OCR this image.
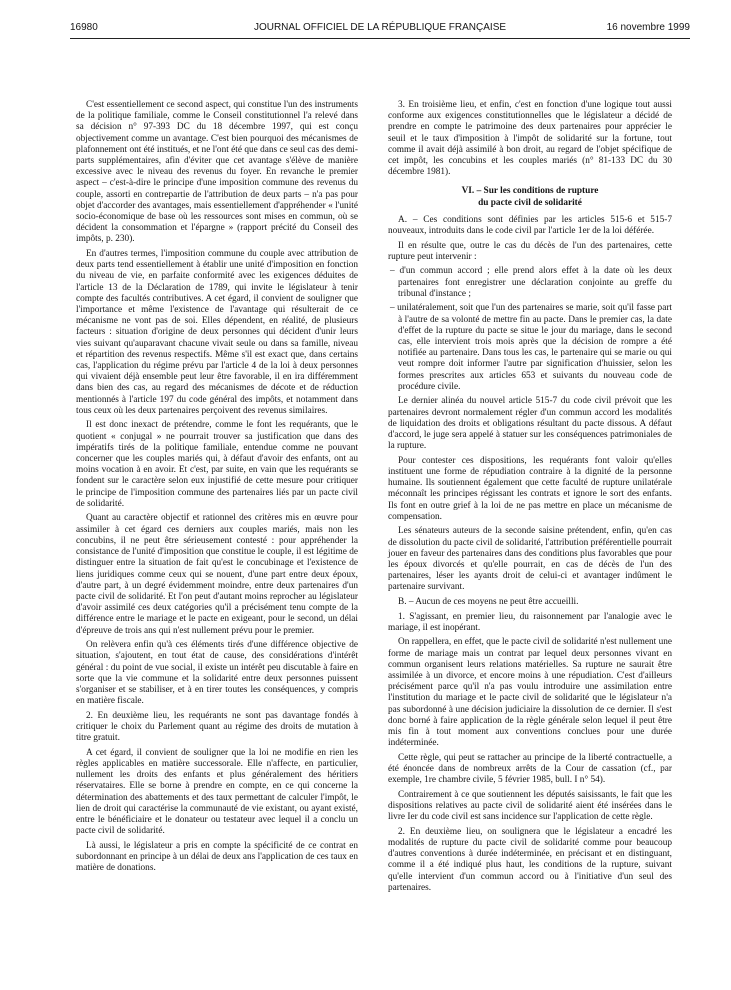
16980	JOURNAL OFFICIEL DE LA RÉPUBLIQUE FRANÇAISE	16 novembre 1999

C'est essentiellement ce second aspect, qui constitue l'un des instruments de la politique familiale, comme le Conseil constitutionnel l'a relevé dans sa décision n° 97-393 DC du 18 décembre 1997, qui est conçu objectivement comme un avantage. C'est bien pourquoi des mécanismes de plafonnement ont été institués, et ne l'ont été que dans ce seul cas des demi-parts supplémentaires, afin d'éviter que cet avantage s'élève de manière excessive avec le niveau des revenus du foyer. En revanche le premier aspect – c'est-à-dire le principe d'une imposition commune des revenus du couple, assorti en contrepartie de l'attribution de deux parts – n'a pas pour objet d'accorder des avantages, mais essentiellement d'appréhender « l'unité socio-économique de base où les ressources sont mises en commun, où se décident la consommation et l'épargne » (rapport précité du Conseil des impôts, p. 230).

En d'autres termes, l'imposition commune du couple avec attribution de deux parts tend essentiellement à établir une unité d'imposition en fonction du niveau de vie, en parfaite conformité avec les exigences déduites de l'article 13 de la Déclaration de 1789, qui invite le législateur à tenir compte des facultés contributives. A cet égard, il convient de souligner que l'importance et même l'existence de l'avantage qui résulterait de ce mécanisme ne vont pas de soi. Elles dépendent, en réalité, de plusieurs facteurs : situation d'origine de deux personnes qui décident d'unir leurs vies suivant qu'auparavant chacune vivait seule ou dans sa famille, niveau et répartition des revenus respectifs. Même s'il est exact que, dans certains cas, l'application du régime prévu par l'article 4 de la loi à deux personnes qui vivaient déjà ensemble peut leur être favorable, il en ira différemment dans bien des cas, au regard des mécanismes de décote et de réduction mentionnés à l'article 197 du code général des impôts, et notamment dans tous ceux où les deux partenaires perçoivent des revenus similaires.

Il est donc inexact de prétendre, comme le font les requérants, que le quotient « conjugal » ne pourrait trouver sa justification que dans des impératifs tirés de la politique familiale, entendue comme ne pouvant concerner que les couples mariés qui, à défaut d'avoir des enfants, ont au moins vocation à en avoir. Et c'est, par suite, en vain que les requérants se fondent sur le caractère selon eux injustifié de cette mesure pour critiquer le principe de l'imposition commune des partenaires liés par un pacte civil de solidarité.

Quant au caractère objectif et rationnel des critères mis en œuvre pour assimiler à cet égard ces derniers aux couples mariés, mais non les concubins, il ne peut être sérieusement contesté : pour appréhender la consistance de l'unité d'imposition que constitue le couple, il est légitime de distinguer entre la situation de fait qu'est le concubinage et l'existence de liens juridiques comme ceux qui se nouent, d'une part entre deux époux, d'autre part, à un degré évidemment moindre, entre deux partenaires d'un pacte civil de solidarité. Et l'on peut d'autant moins reprocher au législateur d'avoir assimilé ces deux catégories qu'il a précisément tenu compte de la différence entre le mariage et le pacte en exigeant, pour le second, un délai d'épreuve de trois ans qui n'est nullement prévu pour le premier.

On relèvera enfin qu'à ces éléments tirés d'une différence objective de situation, s'ajoutent, en tout état de cause, des considérations d'intérêt général : du point de vue social, il existe un intérêt peu discutable à faire en sorte que la vie commune et la solidarité entre deux personnes puissent s'organiser et se stabiliser, et à en tirer toutes les conséquences, y compris en matière fiscale.

2. En deuxième lieu, les requérants ne sont pas davantage fondés à critiquer le choix du Parlement quant au régime des droits de mutation à titre gratuit.

A cet égard, il convient de souligner que la loi ne modifie en rien les règles applicables en matière successorale. Elle n'affecte, en particulier, nullement les droits des enfants et plus généralement des héritiers réservataires. Elle se borne à prendre en compte, en ce qui concerne la détermination des abattements et des taux permettant de calculer l'impôt, le lien de droit qui caractérise la communauté de vie existant, ou ayant existé, entre le bénéficiaire et le donateur ou testateur avec lequel il a conclu un pacte civil de solidarité.

Là aussi, le législateur a pris en compte la spécificité de ce contrat en subordonnant en principe à un délai de deux ans l'application de ces taux en matière de donations.

3. En troisième lieu, et enfin, c'est en fonction d'une logique tout aussi conforme aux exigences constitutionnelles que le législateur a décidé de prendre en compte le patrimoine des deux partenaires pour apprécier le seuil et le taux d'imposition à l'impôt de solidarité sur la fortune, tout comme il avait déjà assimilé à bon droit, au regard de l'objet spécifique de cet impôt, les concubins et les couples mariés (n° 81-133 DC du 30 décembre 1981).

VI. – Sur les conditions de rupture
du pacte civil de solidarité

A. – Ces conditions sont définies par les articles 515-6 et 515-7 nouveaux, introduits dans le code civil par l'article 1er de la loi déférée.

Il en résulte que, outre le cas du décès de l'un des partenaires, cette rupture peut intervenir :

– d'un commun accord ; elle prend alors effet à la date où les deux partenaires font enregistrer une déclaration conjointe au greffe du tribunal d'instance ;

– unilatéralement, soit que l'un des partenaires se marie, soit qu'il fasse part à l'autre de sa volonté de mettre fin au pacte. Dans le premier cas, la date d'effet de la rupture du pacte se situe le jour du mariage, dans le second cas, elle intervient trois mois après que la décision de rompre a été notifiée au partenaire. Dans tous les cas, le partenaire qui se marie ou qui veut rompre doit informer l'autre par signification d'huissier, selon les formes prescrites aux articles 653 et suivants du nouveau code de procédure civile.

Le dernier alinéa du nouvel article 515-7 du code civil prévoit que les partenaires devront normalement régler d'un commun accord les modalités de liquidation des droits et obligations résultant du pacte dissous. A défaut d'accord, le juge sera appelé à statuer sur les conséquences patrimoniales de la rupture.

Pour contester ces dispositions, les requérants font valoir qu'elles instituent une forme de répudiation contraire à la dignité de la personne humaine. Ils soutiennent également que cette faculté de rupture unilatérale méconnaît les principes régissant les contrats et ignore le sort des enfants. Ils font en outre grief à la loi de ne pas mettre en place un mécanisme de compensation.

Les sénateurs auteurs de la seconde saisine prétendent, enfin, qu'en cas de dissolution du pacte civil de solidarité, l'attribution préférentielle pourrait jouer en faveur des partenaires dans des conditions plus favorables que pour les époux divorcés et qu'elle pourrait, en cas de décès de l'un des partenaires, léser les ayants droit de celui-ci et avantager indûment le partenaire survivant.

B. – Aucun de ces moyens ne peut être accueilli.

1. S'agissant, en premier lieu, du raisonnement par l'analogie avec le mariage, il est inopérant.

On rappellera, en effet, que le pacte civil de solidarité n'est nullement une forme de mariage mais un contrat par lequel deux personnes vivant en commun organisent leurs relations matérielles. Sa rupture ne saurait être assimilée à un divorce, et encore moins à une répudiation. C'est d'ailleurs précisément parce qu'il n'a pas voulu introduire une assimilation entre l'institution du mariage et le pacte civil de solidarité que le législateur n'a pas subordonné à une décision judiciaire la dissolution de ce dernier. Il s'est donc borné à faire application de la règle générale selon lequel il peut être mis fin à tout moment aux conventions conclues pour une durée indéterminée.

Cette règle, qui peut se rattacher au principe de la liberté contractuelle, a été énoncée dans de nombreux arrêts de la Cour de cassation (cf., par exemple, 1re chambre civile, 5 février 1985, bull. I n° 54).

Contrairement à ce que soutiennent les députés saisissants, le fait que les dispositions relatives au pacte civil de solidarité aient été insérées dans le livre Ier du code civil est sans incidence sur l'application de cette règle.

2. En deuxième lieu, on soulignera que le législateur a encadré les modalités de rupture du pacte civil de solidarité comme pour beaucoup d'autres conventions à durée indéterminée, en précisant et en distinguant, comme il a été indiqué plus haut, les conditions de la rupture, suivant qu'elle intervient d'un commun accord ou à l'initiative d'un seul des partenaires.
